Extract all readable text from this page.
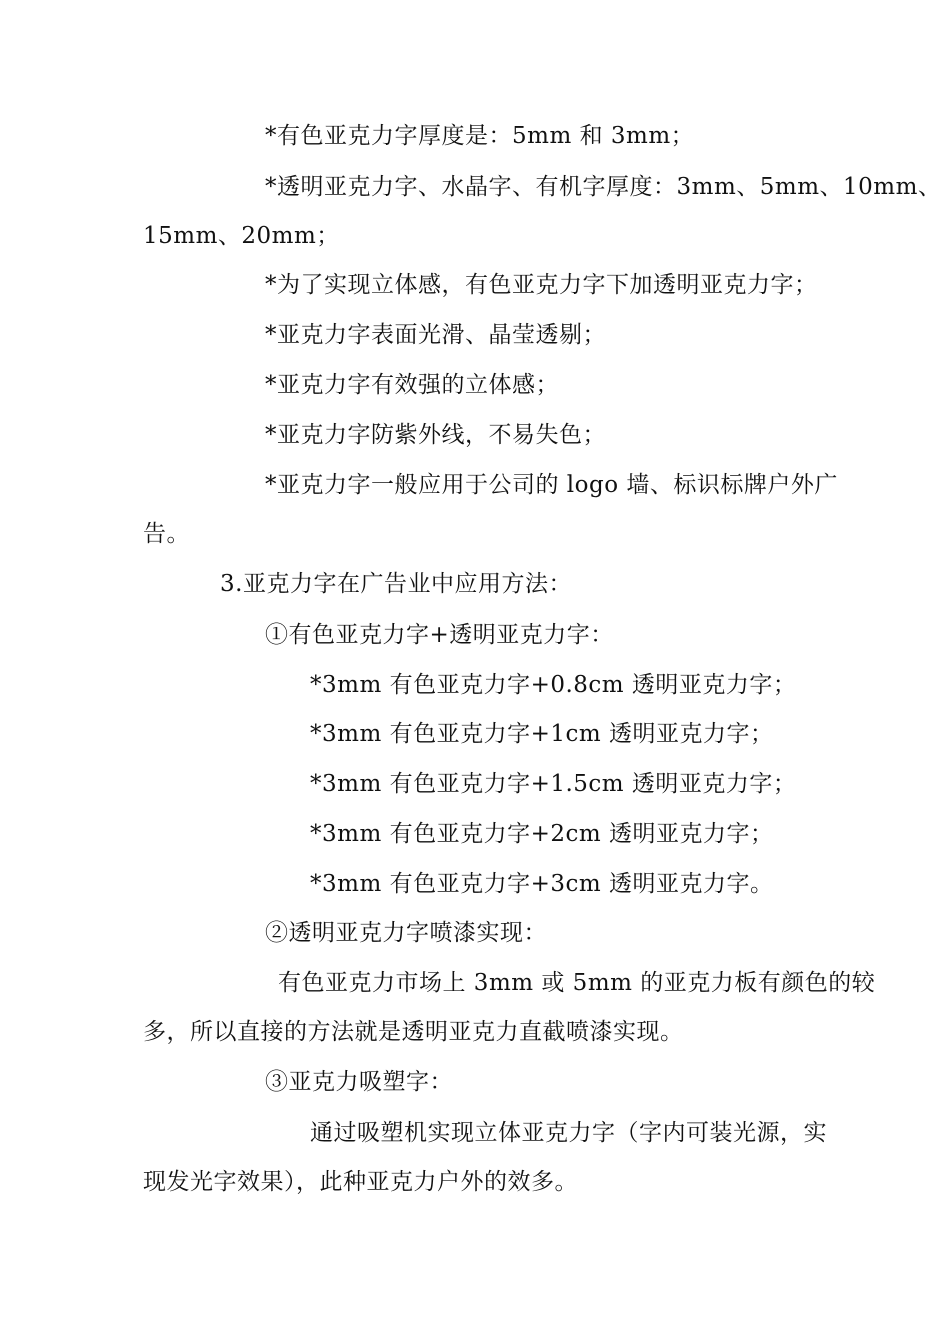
*有色亚克力字厚度是：5mm 和 3mm；
*透明亚克力字、水晶字、有机字厚度：3mm、5mm、10mm、
15mm、20mm；
*为了实现立体感，有色亚克力字下加透明亚克力字；
*亚克力字表面光滑、晶莹透剔；
*亚克力字有效强的立体感；
*亚克力字防紫外线，不易失色；
*亚克力字一般应用于公司的 logo 墙、标识标牌户外广
告。
3.亚克力字在广告业中应用方法：
①有色亚克力字+透明亚克力字：
*3mm 有色亚克力字+0.8cm 透明亚克力字；
*3mm 有色亚克力字+1cm 透明亚克力字；
*3mm 有色亚克力字+1.5cm 透明亚克力字；
*3mm 有色亚克力字+2cm 透明亚克力字；
*3mm 有色亚克力字+3cm 透明亚克力字。
②透明亚克力字喷漆实现：
有色亚克力市场上 3mm 或 5mm 的亚克力板有颜色的较
多，所以直接的方法就是透明亚克力直截喷漆实现。
③亚克力吸塑字：
通过吸塑机实现立体亚克力字（字内可装光源，实
现发光字效果），此种亚克力户外的效多。
